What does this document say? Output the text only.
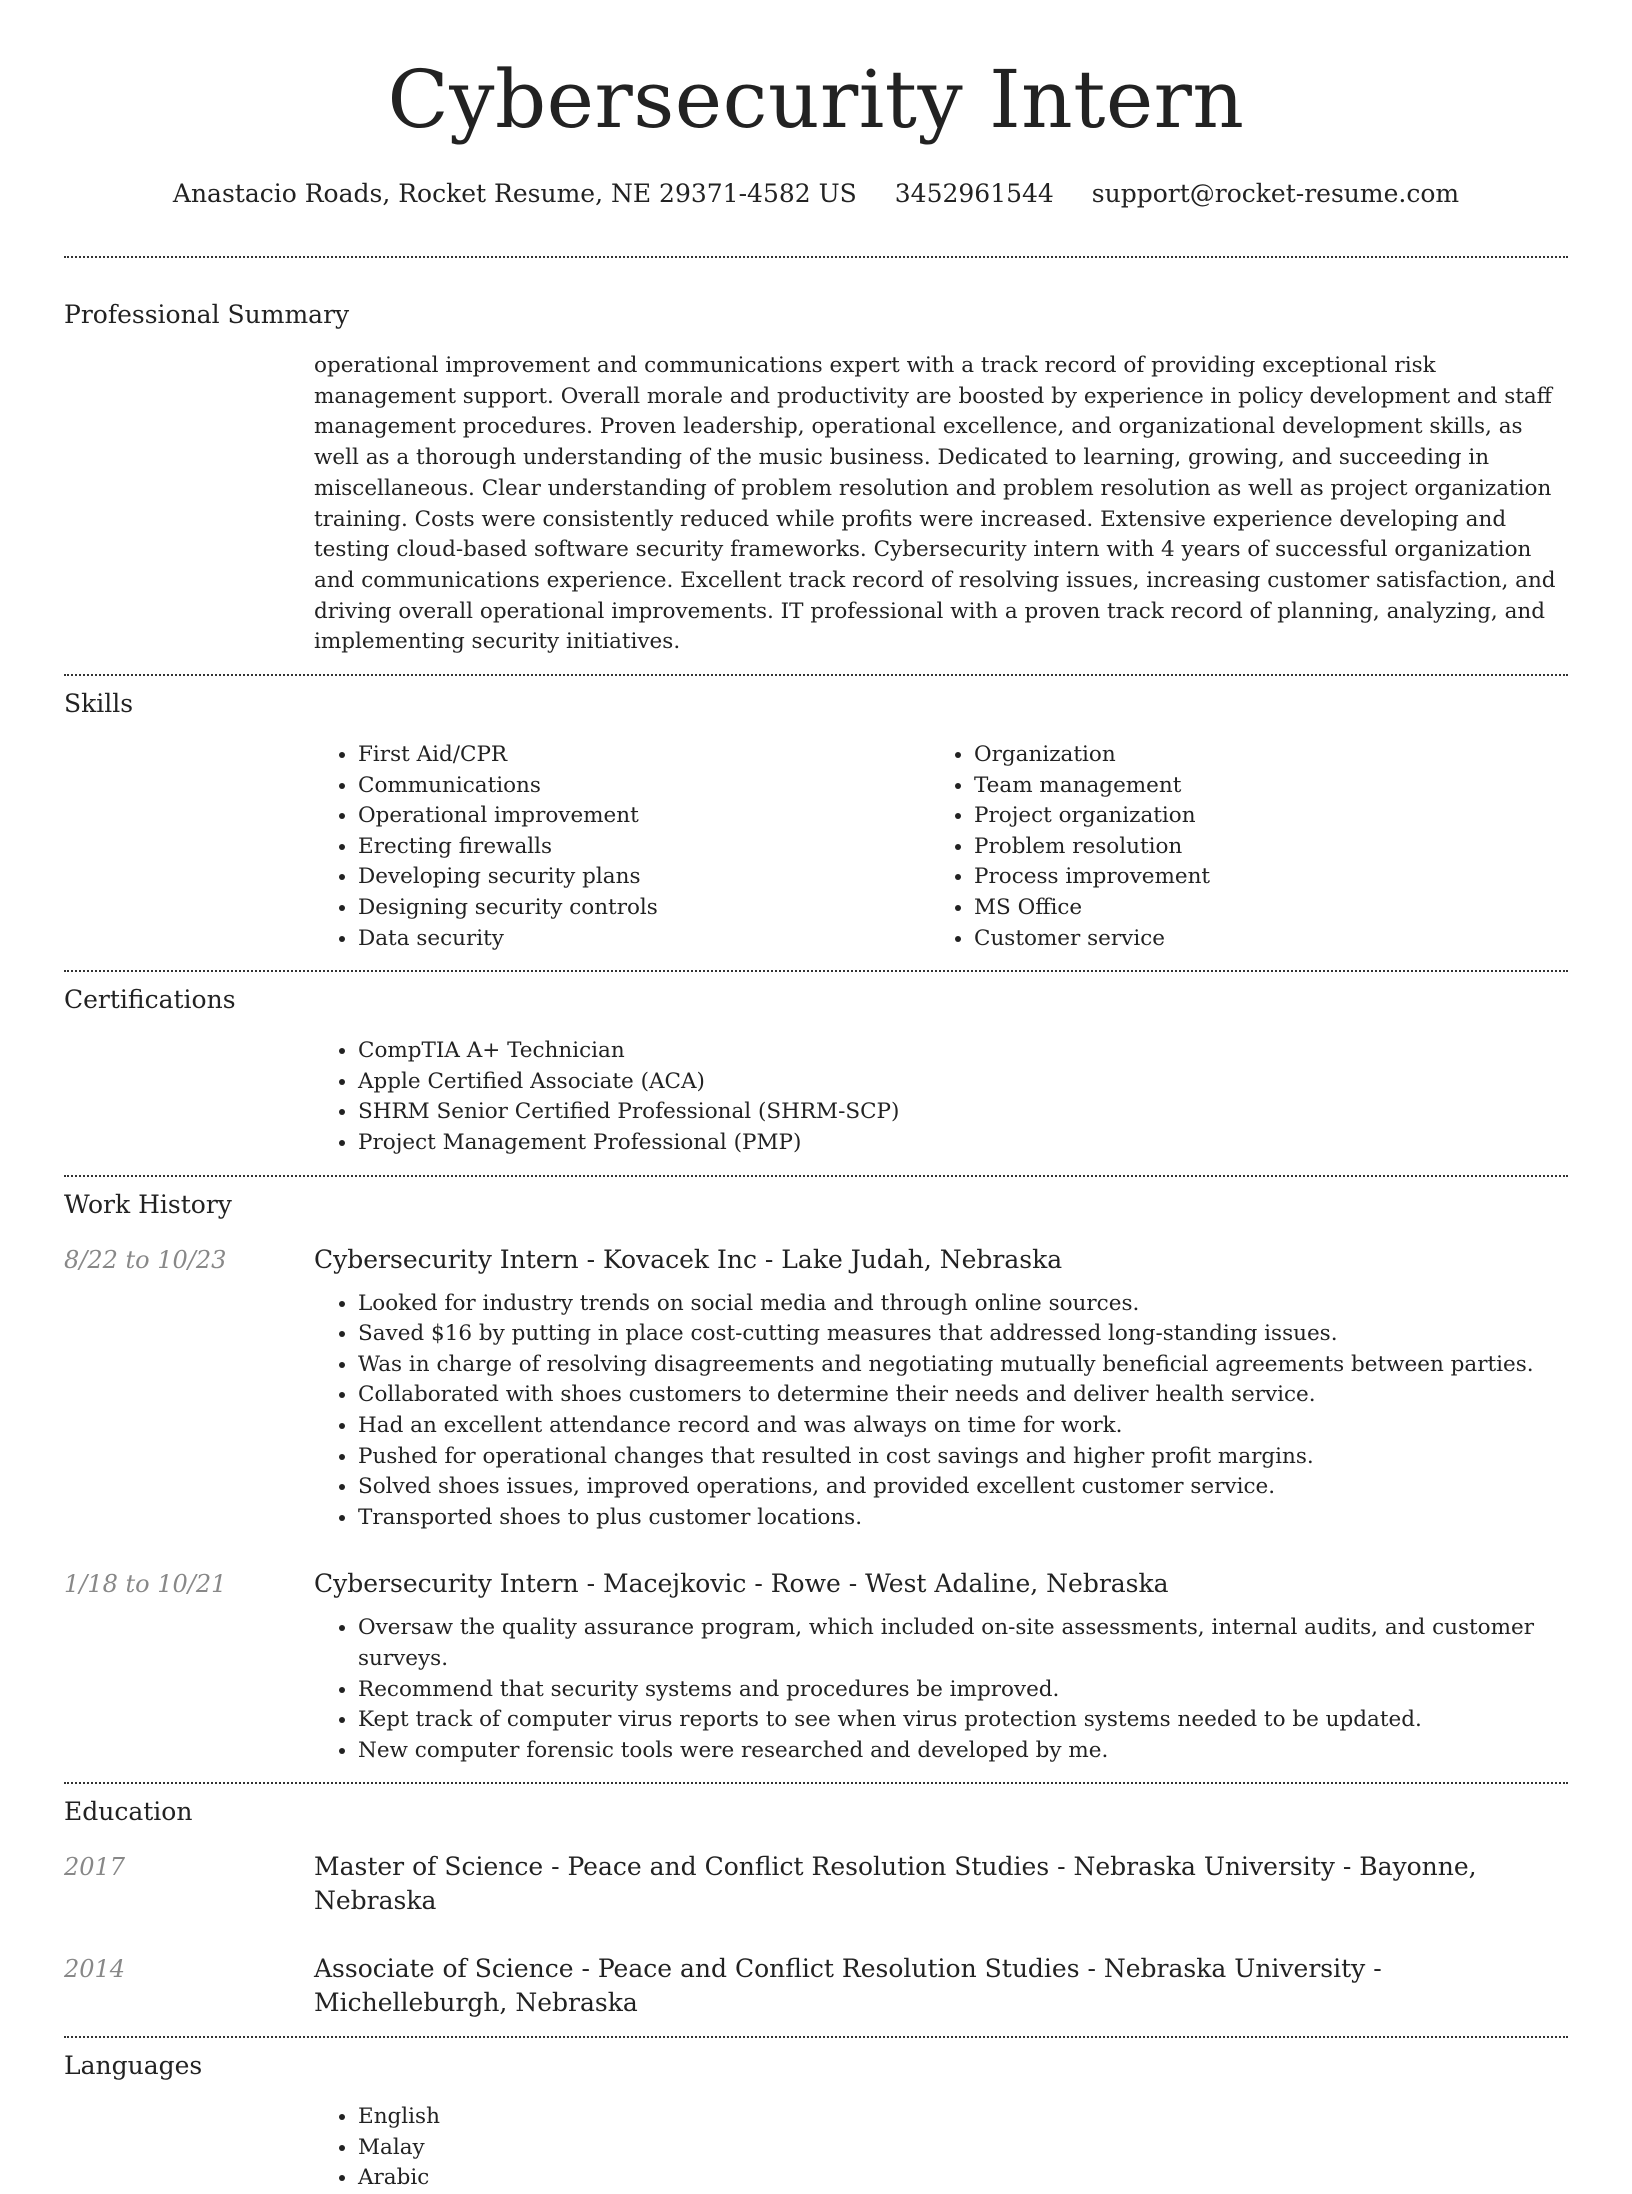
Cybersecurity Intern
Anastacio Roads, Rocket Resume, NE 29371-4582 US 3452961544 support@rocket-resume.com
Professional Summary
operational improvement and communications expert with a track record of providing exceptional risk management support. Overall morale and productivity are boosted by experience in policy development and staff management procedures. Proven leadership, operational excellence, and organizational development skills, as well as a thorough understanding of the music business. Dedicated to learning, growing, and succeeding in miscellaneous. Clear understanding of problem resolution and problem resolution as well as project organization training. Costs were consistently reduced while profits were increased. Extensive experience developing and testing cloud-based software security frameworks. Cybersecurity intern with 4 years of successful organization and communications experience. Excellent track record of resolving issues, increasing customer satisfaction, and driving overall operational improvements. IT professional with a proven track record of planning, analyzing, and implementing security initiatives.
Skills
• First Aid/CPR
• Communications
• Operational improvement
• Erecting firewalls
• Developing security plans
• Designing security controls
• Data security
• Organization
• Team management
• Project organization
• Problem resolution
• Process improvement
• MS Office
• Customer service
Certifications
• CompTIA A+ Technician
• Apple Certified Associate (ACA)
• SHRM Senior Certified Professional (SHRM-SCP)
• Project Management Professional (PMP)
Work History
8/22 to 10/23	Cybersecurity Intern - Kovacek Inc - Lake Judah, Nebraska
• Looked for industry trends on social media and through online sources.
• Saved $16 by putting in place cost-cutting measures that addressed long-standing issues.
• Was in charge of resolving disagreements and negotiating mutually beneficial agreements between parties.
• Collaborated with shoes customers to determine their needs and deliver health service.
• Had an excellent attendance record and was always on time for work.
• Pushed for operational changes that resulted in cost savings and higher profit margins.
• Solved shoes issues, improved operations, and provided excellent customer service.
• Transported shoes to plus customer locations.
1/18 to 10/21	Cybersecurity Intern - Macejkovic - Rowe - West Adaline, Nebraska
• Oversaw the quality assurance program, which included on-site assessments, internal audits, and customer surveys.
• Recommend that security systems and procedures be improved.
• Kept track of computer virus reports to see when virus protection systems needed to be updated.
• New computer forensic tools were researched and developed by me.
Education
2017	Master of Science - Peace and Conflict Resolution Studies - Nebraska University - Bayonne, Nebraska
2014	Associate of Science - Peace and Conflict Resolution Studies - Nebraska University - Michelleburgh, Nebraska
Languages
• English
• Malay
• Arabic
